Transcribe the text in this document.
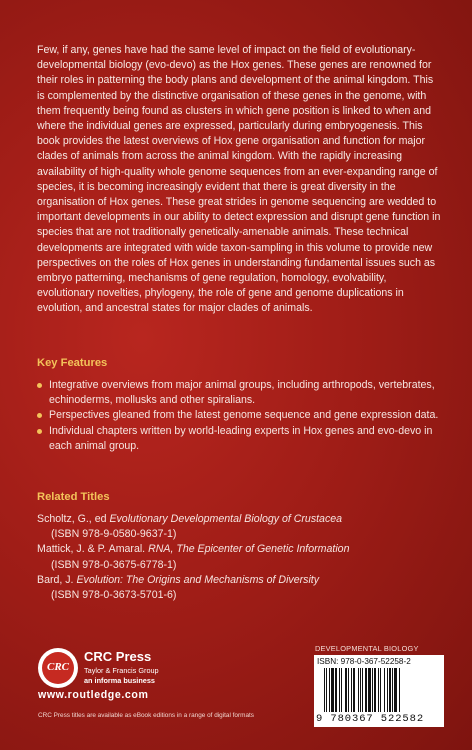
Few, if any, genes have had the same level of impact on the field of evolutionary-developmental biology (evo-devo) as the Hox genes. These genes are renowned for their roles in patterning the body plans and development of the animal kingdom. This is complemented by the distinctive organisation of these genes in the genome, with them frequently being found as clusters in which gene position is linked to when and where the individual genes are expressed, particularly during embryogenesis. This book provides the latest overviews of Hox gene organisation and function for major clades of animals from across the animal kingdom. With the rapidly increasing availability of high-quality whole genome sequences from an ever-expanding range of species, it is becoming increasingly evident that there is great diversity in the organisation of Hox genes. These great strides in genome sequencing are wedded to important developments in our ability to detect expression and disrupt gene function in species that are not traditionally genetically-amenable animals. These technical developments are integrated with wide taxon-sampling in this volume to provide new perspectives on the roles of Hox genes in understanding fundamental issues such as embryo patterning, mechanisms of gene regulation, homology, evolvability, evolutionary novelties, phylogeny, the role of gene and genome duplications in evolution, and ancestral states for major clades of animals.

Key Features
Integrative overviews from major animal groups, including arthropods, vertebrates, echinoderms, mollusks and other spiralians.
Perspectives gleaned from the latest genome sequence and gene expression data.
Individual chapters written by world-leading experts in Hox genes and evo-devo in each animal group.
Related Titles
Scholtz, G., ed Evolutionary Developmental Biology of Crustacea
(ISBN 978-9-0580-9637-1)
Mattick, J. & P. Amaral. RNA, The Epicenter of Genetic Information
(ISBN 978-0-3675-6778-1)
Bard, J. Evolution: The Origins and Mechanisms of Diversity
(ISBN 978-0-3673-5701-6)
CRC
CRC Press
Taylor & Francis Group
an informa business
www.routledge.com
CRC Press titles are available as eBook editions in a range of digital formats
DEVELOPMENTAL BIOLOGY
ISBN: 978-0-367-52258-2
9 780367 522582
